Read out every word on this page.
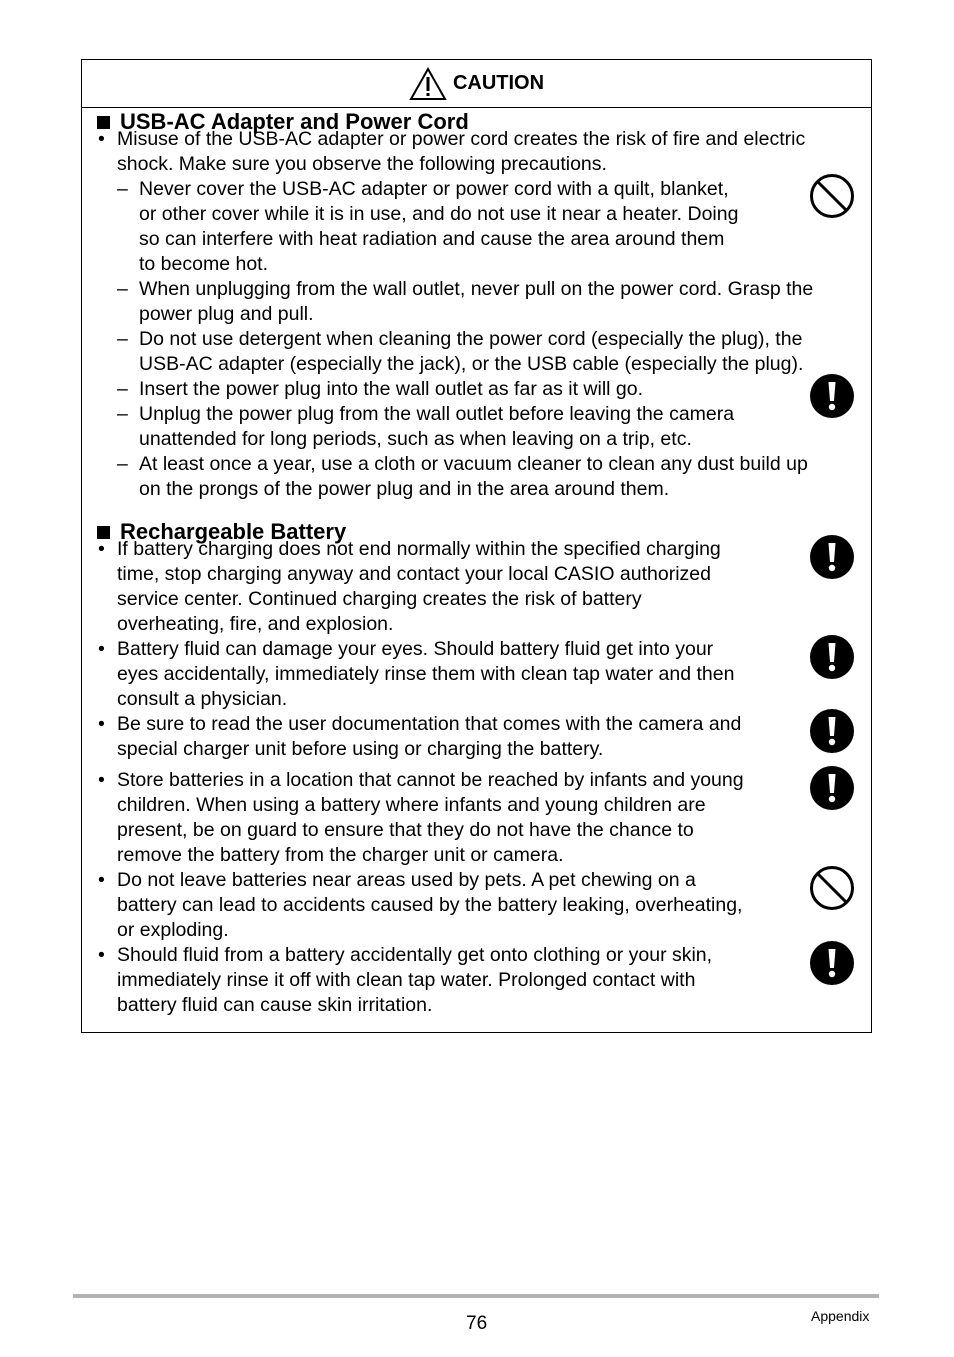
CAUTION
USB-AC Adapter and Power Cord
Rechargeable Battery
• Misuse of the USB-AC adapter or power cord creates the risk of fire and electric
shock. Make sure you observe the following precautions.
– Never cover the USB-AC adapter or power cord with a quilt, blanket,
or other cover while it is in use, and do not use it near a heater. Doing
so can interfere with heat radiation and cause the area around them
to become hot.
– When unplugging from the wall outlet, never pull on the power cord. Grasp the
power plug and pull.
– Do not use detergent when cleaning the power cord (especially the plug), the
USB-AC adapter (especially the jack), or the USB cable (especially the plug).
– Insert the power plug into the wall outlet as far as it will go.
– Unplug the power plug from the wall outlet before leaving the camera
unattended for long periods, such as when leaving on a trip, etc.
– At least once a year, use a cloth or vacuum cleaner to clean any dust build up
on the prongs of the power plug and in the area around them.
• If battery charging does not end normally within the specified charging
time, stop charging anyway and contact your local CASIO authorized
service center. Continued charging creates the risk of battery
overheating, fire, and explosion.
• Battery fluid can damage your eyes. Should battery fluid get into your
eyes accidentally, immediately rinse them with clean tap water and then
consult a physician.
• Be sure to read the user documentation that comes with the camera and
special charger unit before using or charging the battery.
• Store batteries in a location that cannot be reached by infants and young
children. When using a battery where infants and young children are
present, be on guard to ensure that they do not have the chance to
remove the battery from the charger unit or camera.
• Do not leave batteries near areas used by pets. A pet chewing on a
battery can lead to accidents caused by the battery leaking, overheating,
or exploding.
• Should fluid from a battery accidentally get onto clothing or your skin,
immediately rinse it off with clean tap water. Prolonged contact with
battery fluid can cause skin irritation.
76	Appendix
